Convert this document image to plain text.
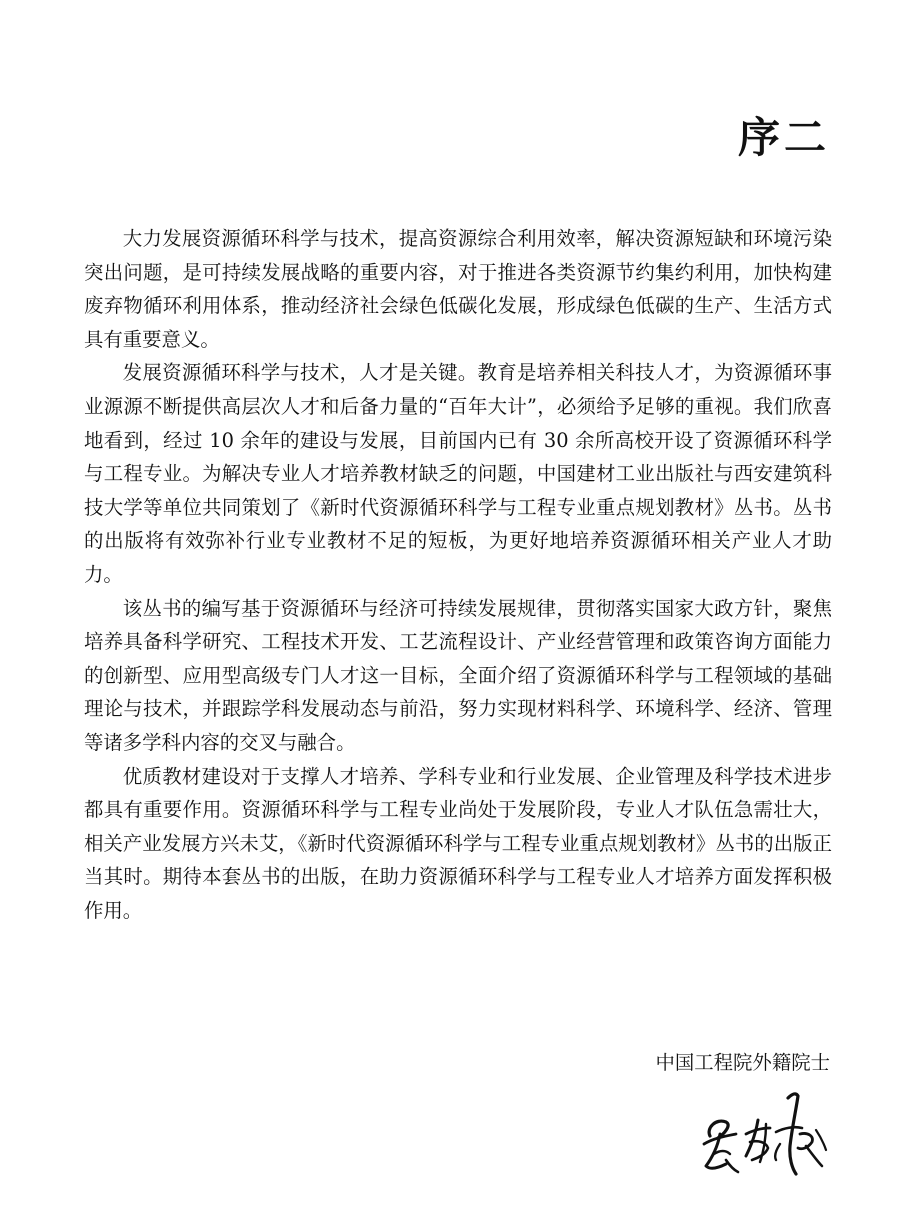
序二

大力发展资源循环科学与技术，提高资源综合利用效率，解决资源短缺和环境污染突出问题，是可持续发展战略的重要内容，对于推进各类资源节约集约利用，加快构建废弃物循环利用体系，推动经济社会绿色低碳化发展，形成绿色低碳的生产、生活方式具有重要意义。

发展资源循环科学与技术，人才是关键。教育是培养相关科技人才，为资源循环事业源源不断提供高层次人才和后备力量的“百年大计”，必须给予足够的重视。我们欣喜地看到，经过 10 余年的建设与发展，目前国内已有 30 余所高校开设了资源循环科学与工程专业。为解决专业人才培养教材缺乏的问题，中国建材工业出版社与西安建筑科技大学等单位共同策划了《新时代资源循环科学与工程专业重点规划教材》丛书。丛书的出版将有效弥补行业专业教材不足的短板，为更好地培养资源循环相关产业人才助力。

该丛书的编写基于资源循环与经济可持续发展规律，贯彻落实国家大政方针，聚焦培养具备科学研究、工程技术开发、工艺流程设计、产业经营管理和政策咨询方面能力的创新型、应用型高级专门人才这一目标，全面介绍了资源循环科学与工程领域的基础理论与技术，并跟踪学科发展动态与前沿，努力实现材料科学、环境科学、经济、管理等诸多学科内容的交叉与融合。

优质教材建设对于支撑人才培养、学科专业和行业发展、企业管理及科学技术进步都具有重要作用。资源循环科学与工程专业尚处于发展阶段，专业人才队伍急需壮大，相关产业发展方兴未艾，《新时代资源循环科学与工程专业重点规划教材》丛书的出版正当其时。期待本套丛书的出版，在助力资源循环科学与工程专业人才培养方面发挥积极作用。

中国工程院外籍院士
